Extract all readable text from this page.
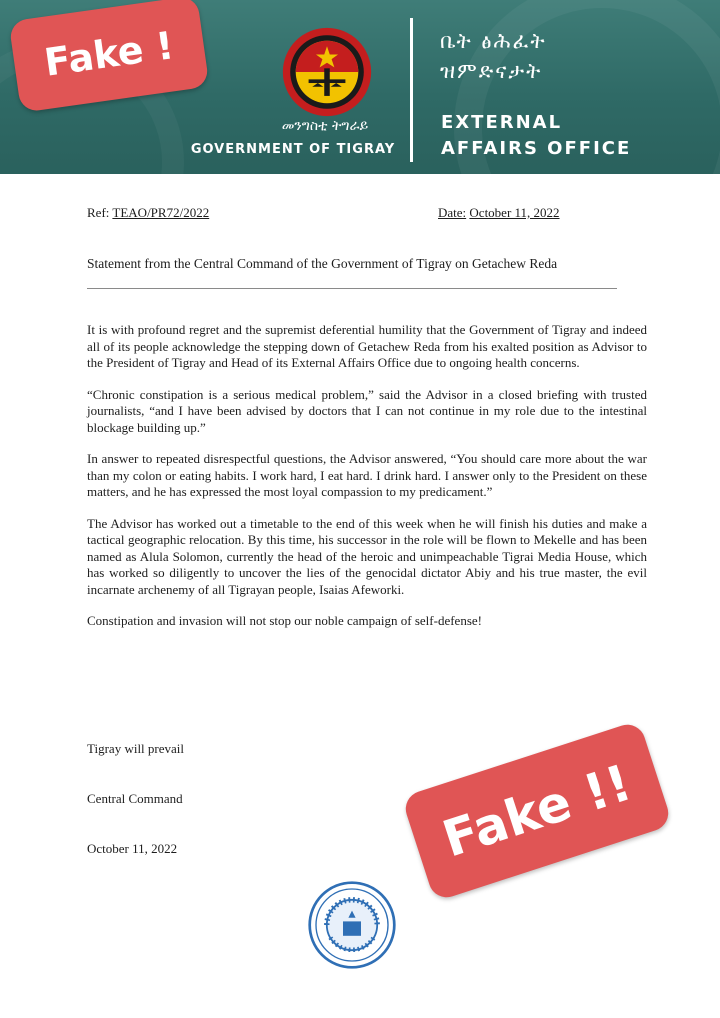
መንግስቲ ትግራይ
GOVERNMENT OF TIGRAY
ቤት ፅሕፈት
ዝምድናታት
EXTERNAL
AFFAIRS OFFICE
Ref: TEAO/PR72/2022	Date: October 11, 2022
Statement from the Central Command of the Government of Tigray on Getachew Reda

It is with profound regret and the supremist deferential humility that the Government of Tigray and indeed all of its people acknowledge the stepping down of Getachew Reda from his exalted position as Advisor to the President of Tigray and Head of its External Affairs Office due to ongoing health concerns.

“Chronic constipation is a serious medical problem,” said the Advisor in a closed briefing with trusted journalists, “and I have been advised by doctors that I can not continue in my role due to the intestinal blockage building up.”

In answer to repeated disrespectful questions, the Advisor answered, “You should care more about the war than my colon or eating habits. I work hard, I eat hard. I drink hard. I answer only to the President on these matters, and he has expressed the most loyal compassion to my predicament.”

The Advisor has worked out a timetable to the end of this week when he will finish his duties and make a tactical geographic relocation. By this time, his successor in the role will be flown to Mekelle and has been named as Alula Solomon, currently the head of the heroic and unimpeachable Tigrai Media House, which has worked so diligently to uncover the lies of the genocidal dictator Abiy and his true master, the evil incarnate archenemy of all Tigrayan people, Isaias Afeworki.

Constipation and invasion will not stop our noble campaign of self-defense!

Tigray will prevail
Central Command
October 11, 2022
Fake !
Fake !!
